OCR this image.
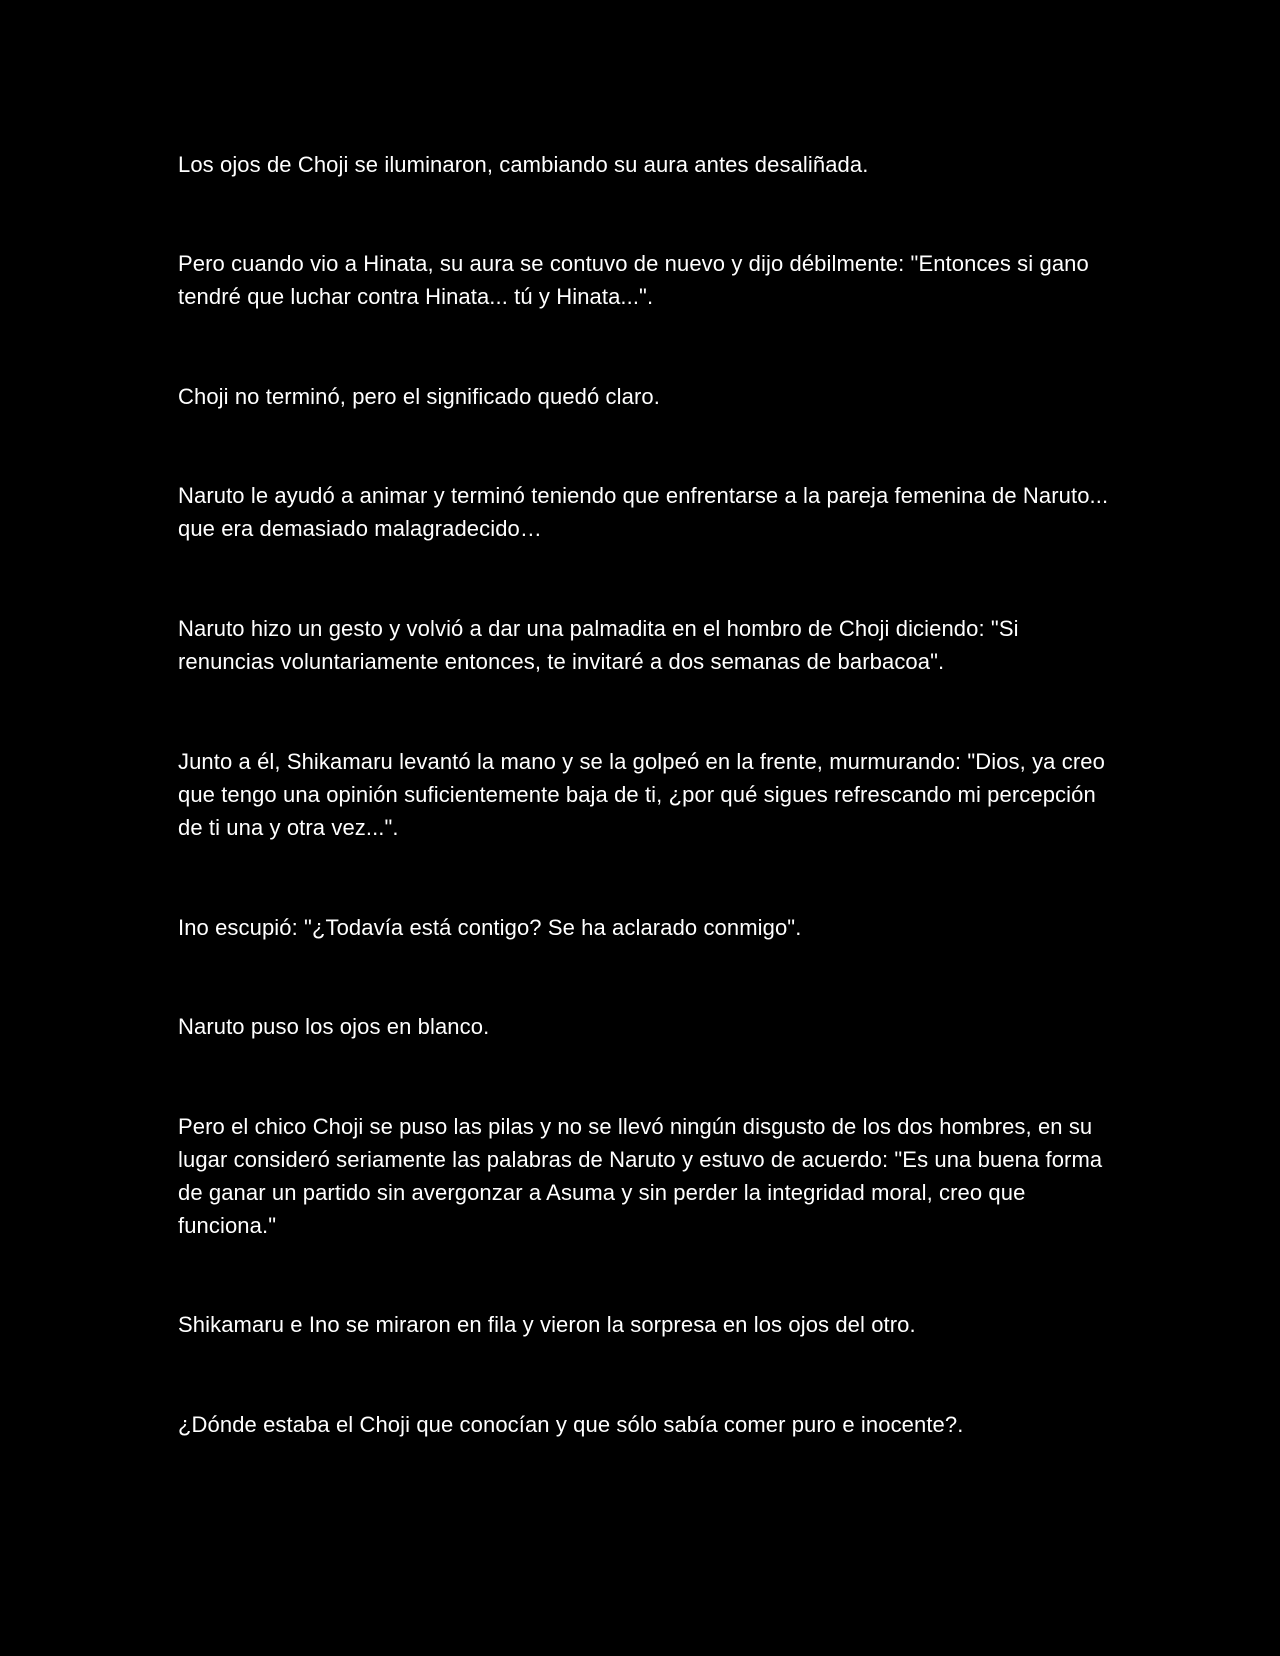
Los ojos de Choji se iluminaron, cambiando su aura antes desaliñada.

Pero cuando vio a Hinata, su aura se contuvo de nuevo y dijo débilmente: "Entonces si gano tendré que luchar contra Hinata... tú y Hinata...".

Choji no terminó, pero el significado quedó claro.

Naruto le ayudó a animar y terminó teniendo que enfrentarse a la pareja femenina de Naruto... que era demasiado malagradecido…

Naruto hizo un gesto y volvió a dar una palmadita en el hombro de Choji diciendo: "Si renuncias voluntariamente entonces, te invitaré a dos semanas de barbacoa".

Junto a él, Shikamaru levantó la mano y se la golpeó en la frente, murmurando: "Dios, ya creo que tengo una opinión suficientemente baja de ti, ¿por qué sigues refrescando mi percepción de ti una y otra vez...".

Ino escupió: "¿Todavía está contigo? Se ha aclarado conmigo".

Naruto puso los ojos en blanco.

Pero el chico Choji se puso las pilas y no se llevó ningún disgusto de los dos hombres, en su lugar consideró seriamente las palabras de Naruto y estuvo de acuerdo: "Es una buena forma de ganar un partido sin avergonzar a Asuma y sin perder la integridad moral, creo que funciona."

Shikamaru e Ino se miraron en fila y vieron la sorpresa en los ojos del otro.

¿Dónde estaba el Choji que conocían y que sólo sabía comer puro e inocente?.
